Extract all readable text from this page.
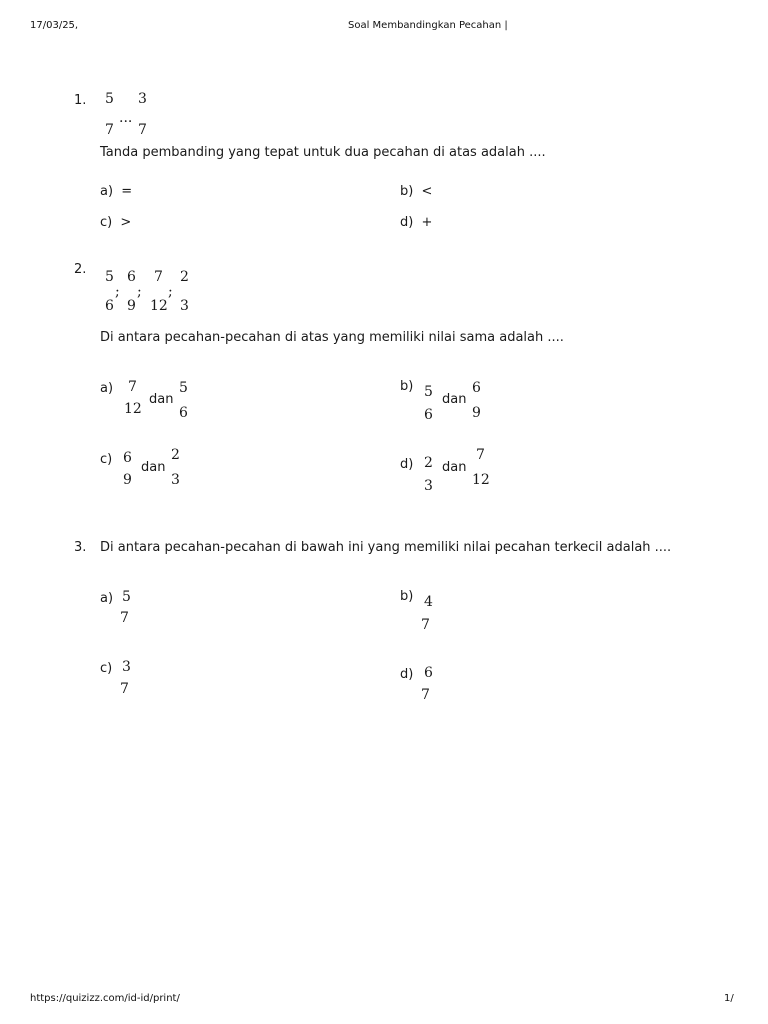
17/03/25,	Soal Membandingkan Pecahan |
1. 5
7
...
3
7
Tanda pembanding yang tepat untuk dua pecahan di atas adalah ....
a) =	b) <
c) >	d) +
2. 5
6
;
6
9
;
7
12
;
2
3
Di antara pecahan-pecahan di atas yang memiliki nilai sama adalah ....
a) 7
12
dan
5
6
b) 5
6
dan
6
9
c) 6
9
dan
2
3
d) 2
3
dan
7
12
3. Di antara pecahan-pecahan di bawah ini yang memiliki nilai pecahan terkecil adalah ....
a) 5
7
b) 4
7
c) 3
7
d) 6
7
https://quizizz.com/id-id/print/	1/
